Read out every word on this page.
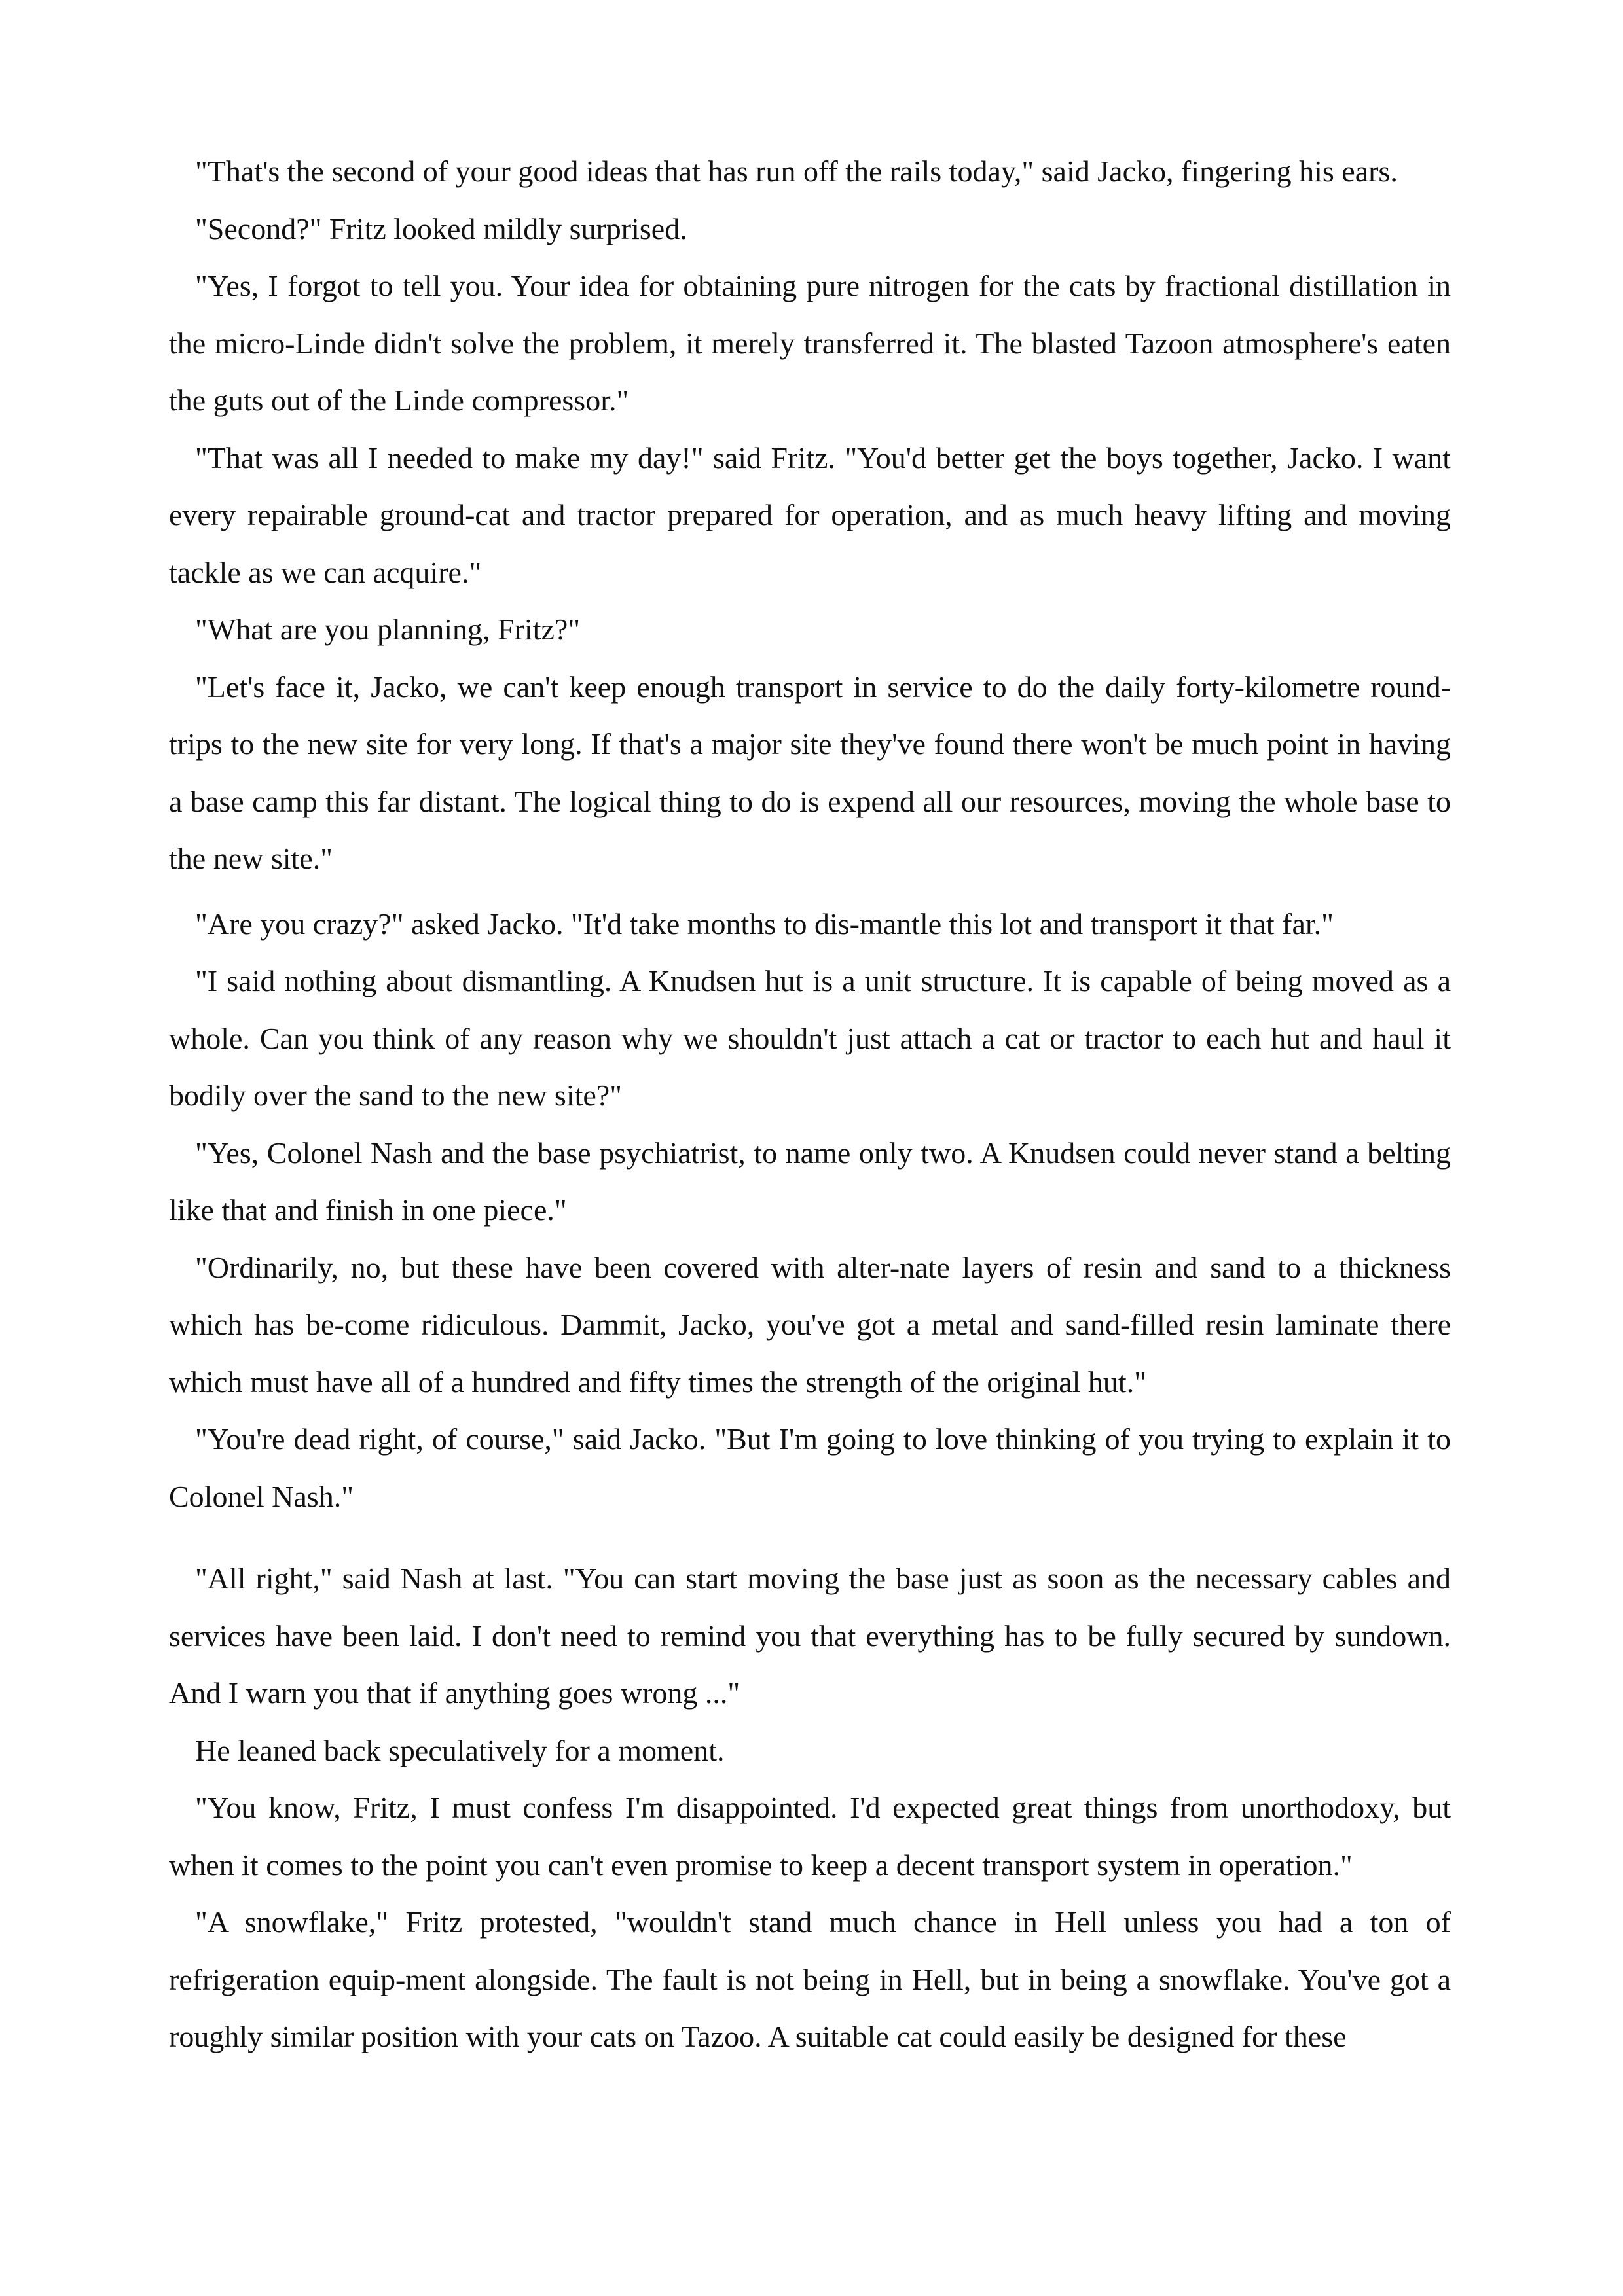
"That's the second of your good ideas that has run off the rails today," said Jacko, fingering his ears.

"Second?" Fritz looked mildly surprised.

"Yes, I forgot to tell you. Your idea for obtaining pure nitrogen for the cats by fractional distillation in the micro-Linde didn't solve the problem, it merely transferred it. The blasted Tazoon atmosphere's eaten the guts out of the Linde compressor."

"That was all I needed to make my day!" said Fritz. "You'd better get the boys together, Jacko. I want every repairable ground-cat and tractor prepared for operation, and as much heavy lifting and moving tackle as we can acquire."

"What are you planning, Fritz?"

"Let's face it, Jacko, we can't keep enough transport in service to do the daily forty-kilometre round-trips to the new site for very long. If that's a major site they've found there won't be much point in having a base camp this far distant. The logical thing to do is expend all our resources, moving the whole base to the new site."

"Are you crazy?" asked Jacko. "It'd take months to dis-mantle this lot and transport it that far."

"I said nothing about dismantling. A Knudsen hut is a unit structure. It is capable of being moved as a whole. Can you think of any reason why we shouldn't just attach a cat or tractor to each hut and haul it bodily over the sand to the new site?"

"Yes, Colonel Nash and the base psychiatrist, to name only two. A Knudsen could never stand a belting like that and finish in one piece."

"Ordinarily, no, but these have been covered with alter-nate layers of resin and sand to a thickness which has be-come ridiculous. Dammit, Jacko, you've got a metal and sand-filled resin laminate there which must have all of a hundred and fifty times the strength of the original hut."

"You're dead right, of course," said Jacko. "But I'm going to love thinking of you trying to explain it to Colonel Nash."

"All right," said Nash at last. "You can start moving the base just as soon as the necessary cables and services have been laid. I don't need to remind you that everything has to be fully secured by sundown. And I warn you that if anything goes wrong ..."

He leaned back speculatively for a moment.

"You know, Fritz, I must confess I'm disappointed. I'd expected great things from unorthodoxy, but when it comes to the point you can't even promise to keep a decent transport system in operation."

"A snowflake," Fritz protested, "wouldn't stand much chance in Hell unless you had a ton of refrigeration equip-ment alongside. The fault is not being in Hell, but in being a snowflake. You've got a roughly similar position with your cats on Tazoo. A suitable cat could easily be designed for these
